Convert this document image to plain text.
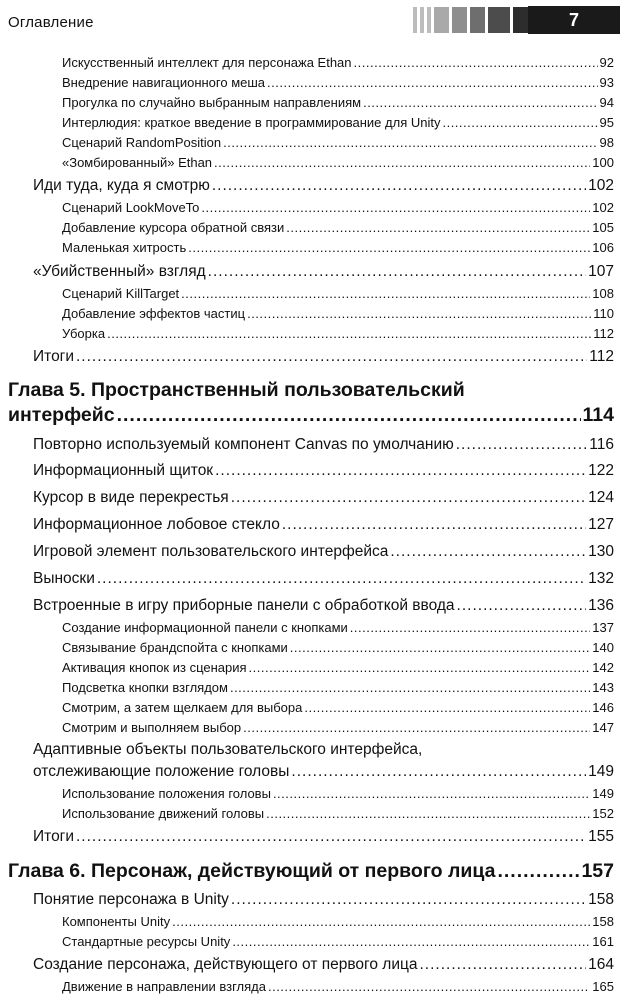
Оглавление	7
Искусственный интеллект для персонажа Ethan .....	92
Внедрение навигационного меша .....	93
Прогулка по случайно выбранным направлениям .....	94
Интерлюдия: краткое введение в программирование для Unity .....	95
Сценарий RandomPosition .....	98
«Зомбированный» Ethan .....	100
Иди туда, куда я смотрю .....	102
Сценарий LookMoveTo .....	102
Добавление курсора обратной связи .....	105
Маленькая хитрость .....	106
«Убийственный» взгляд .....	107
Сценарий KillTarget .....	108
Добавление эффектов частиц .....	110
Уборка .....	112
Итоги .....	112
Глава 5. Пространственный пользовательский
интерфейс .....	114
Повторно используемый компонент Canvas по умолчанию .....	116
Информационный щиток .....	122
Курсор в виде перекрестья .....	124
Информационное лобовое стекло .....	127
Игровой элемент пользовательского интерфейса .....	130
Выноски .....	132
Встроенные в игру приборные панели с обработкой ввода .....	136
Создание информационной панели с кнопками .....	137
Связывание брандспойта с кнопками .....	140
Активация кнопок из сценария .....	142
Подсветка кнопки взглядом .....	143
Смотрим, а затем щелкаем для выбора .....	146
Смотрим и выполняем выбор .....	147
Адаптивные объекты пользовательского интерфейса,
отслеживающие положение головы .....	149
Использование положения головы .....	149
Использование движений головы .....	152
Итоги .....	155
Глава 6. Персонаж, действующий от первого лица .....	157
Понятие персонажа в Unity .....	158
Компоненты Unity .....	158
Стандартные ресурсы Unity .....	161
Создание персонажа, действующего от первого лица .....	164
Движение в направлении взгляда .....	165
